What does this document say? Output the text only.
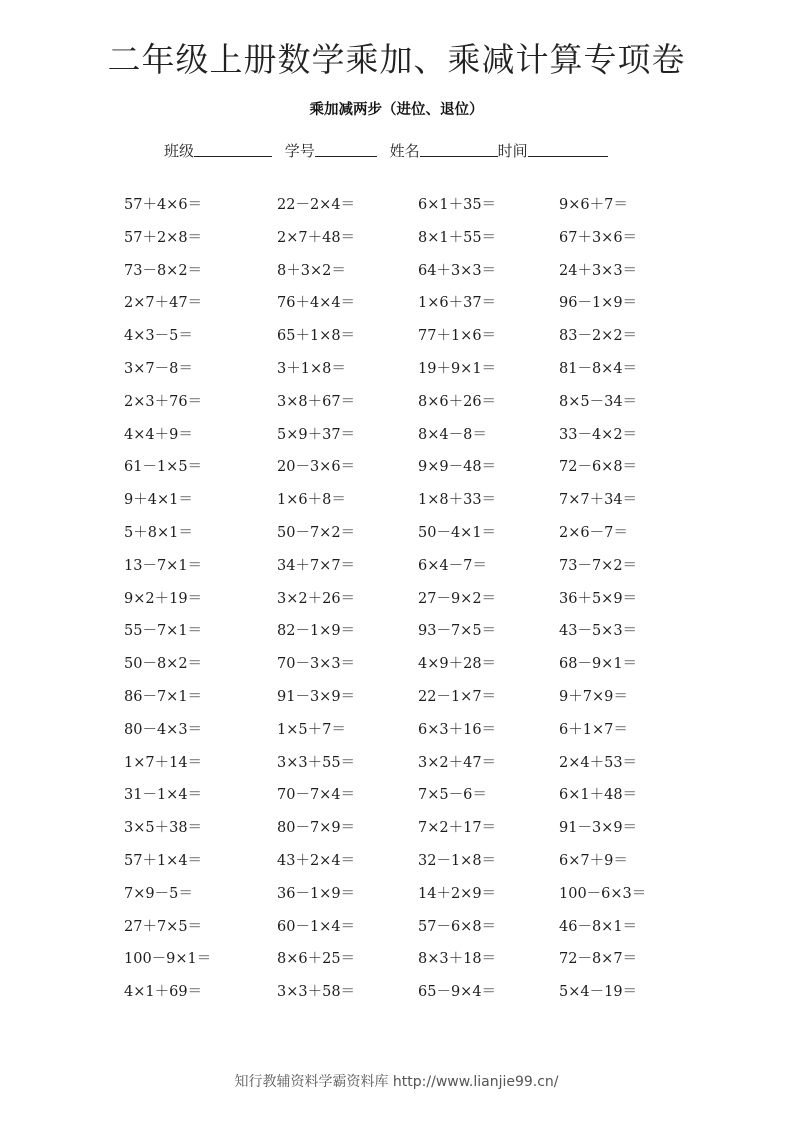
二年级上册数学乘加、乘减计算专项卷
乘加减两步（进位、退位）
班级	学号	姓名	时间
57＋4×6＝	22－2×4＝	6×1＋35＝	9×6＋7＝
57＋2×8＝	2×7＋48＝	8×1＋55＝	67＋3×6＝
73－8×2＝	8＋3×2＝	64＋3×3＝	24＋3×3＝
2×7＋47＝	76＋4×4＝	1×6＋37＝	96－1×9＝
4×3－5＝	65＋1×8＝	77＋1×6＝	83－2×2＝
3×7－8＝	3＋1×8＝	19＋9×1＝	81－8×4＝
2×3＋76＝	3×8＋67＝	8×6＋26＝	8×5－34＝
4×4＋9＝	5×9＋37＝	8×4－8＝	33－4×2＝
61－1×5＝	20－3×6＝	9×9－48＝	72－6×8＝
9＋4×1＝	1×6＋8＝	1×8＋33＝	7×7＋34＝
5＋8×1＝	50－7×2＝	50－4×1＝	2×6－7＝
13－7×1＝	34＋7×7＝	6×4－7＝	73－7×2＝
9×2＋19＝	3×2＋26＝	27－9×2＝	36＋5×9＝
55－7×1＝	82－1×9＝	93－7×5＝	43－5×3＝
50－8×2＝	70－3×3＝	4×9＋28＝	68－9×1＝
86－7×1＝	91－3×9＝	22－1×7＝	9＋7×9＝
80－4×3＝	1×5＋7＝	6×3＋16＝	6＋1×7＝
1×7＋14＝	3×3＋55＝	3×2＋47＝	2×4＋53＝
31－1×4＝	70－7×4＝	7×5－6＝	6×1＋48＝
3×5＋38＝	80－7×9＝	7×2＋17＝	91－3×9＝
57＋1×4＝	43＋2×4＝	32－1×8＝	6×7＋9＝
7×9－5＝	36－1×9＝	14＋2×9＝	100－6×3＝
27＋7×5＝	60－1×4＝	57－6×8＝	46－8×1＝
100－9×1＝	8×6＋25＝	8×3＋18＝	72－8×7＝
4×1＋69＝	3×3＋58＝	65－9×4＝	5×4－19＝
知行教辅资料学霸资料库 http://www.lianjie99.cn/
